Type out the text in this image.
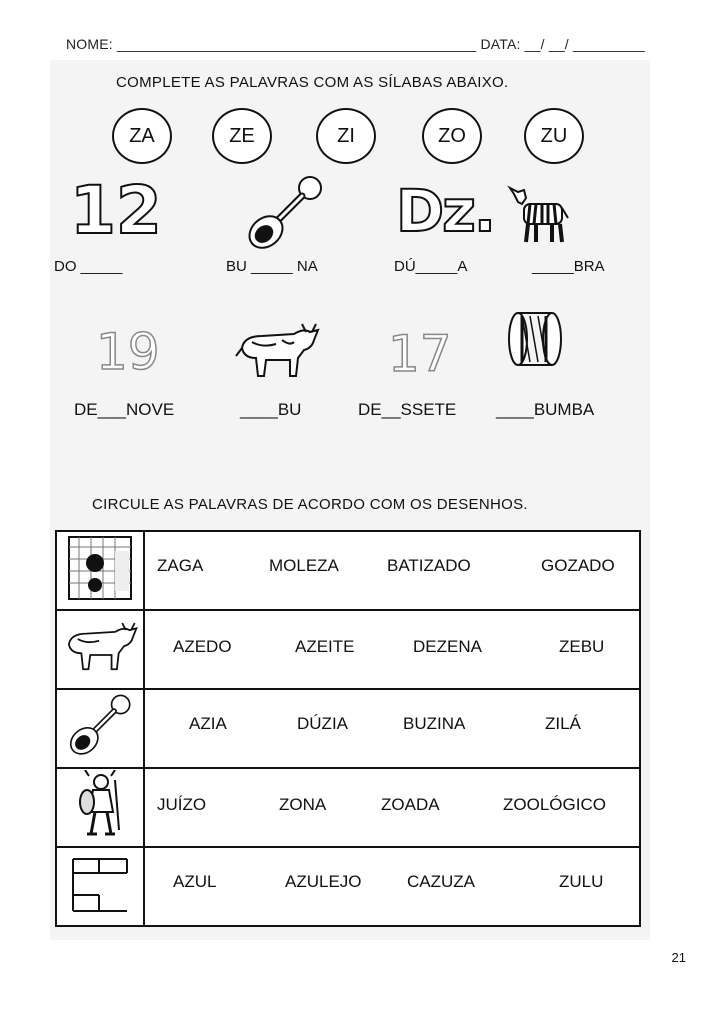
NOME: _____________________________________________ DATA: __/ __/ _________
COMPLETE AS PALAVRAS COM AS SÍLABAS ABAIXO.
ZA	ZE	ZI	ZO	ZU
12	Dz.
DO _____	BU _____ NA	DÚ_____A	_____BRA
19	17
DE___NOVE	____BU	DE__SSETE ____BUMBA
CIRCULE AS PALAVRAS DE ACORDO COM OS DESENHOS.

ZAGA MOLEZA BATIZADO GOZADO

AZEDO AZEITE DEZENA ZEBU

AZIA DÚZIA BUZINA ZILÁ

JUÍZO ZONA ZOADA ZOOLÓGICO

AZUL AZULEJO CAZUZA ZULU
21
